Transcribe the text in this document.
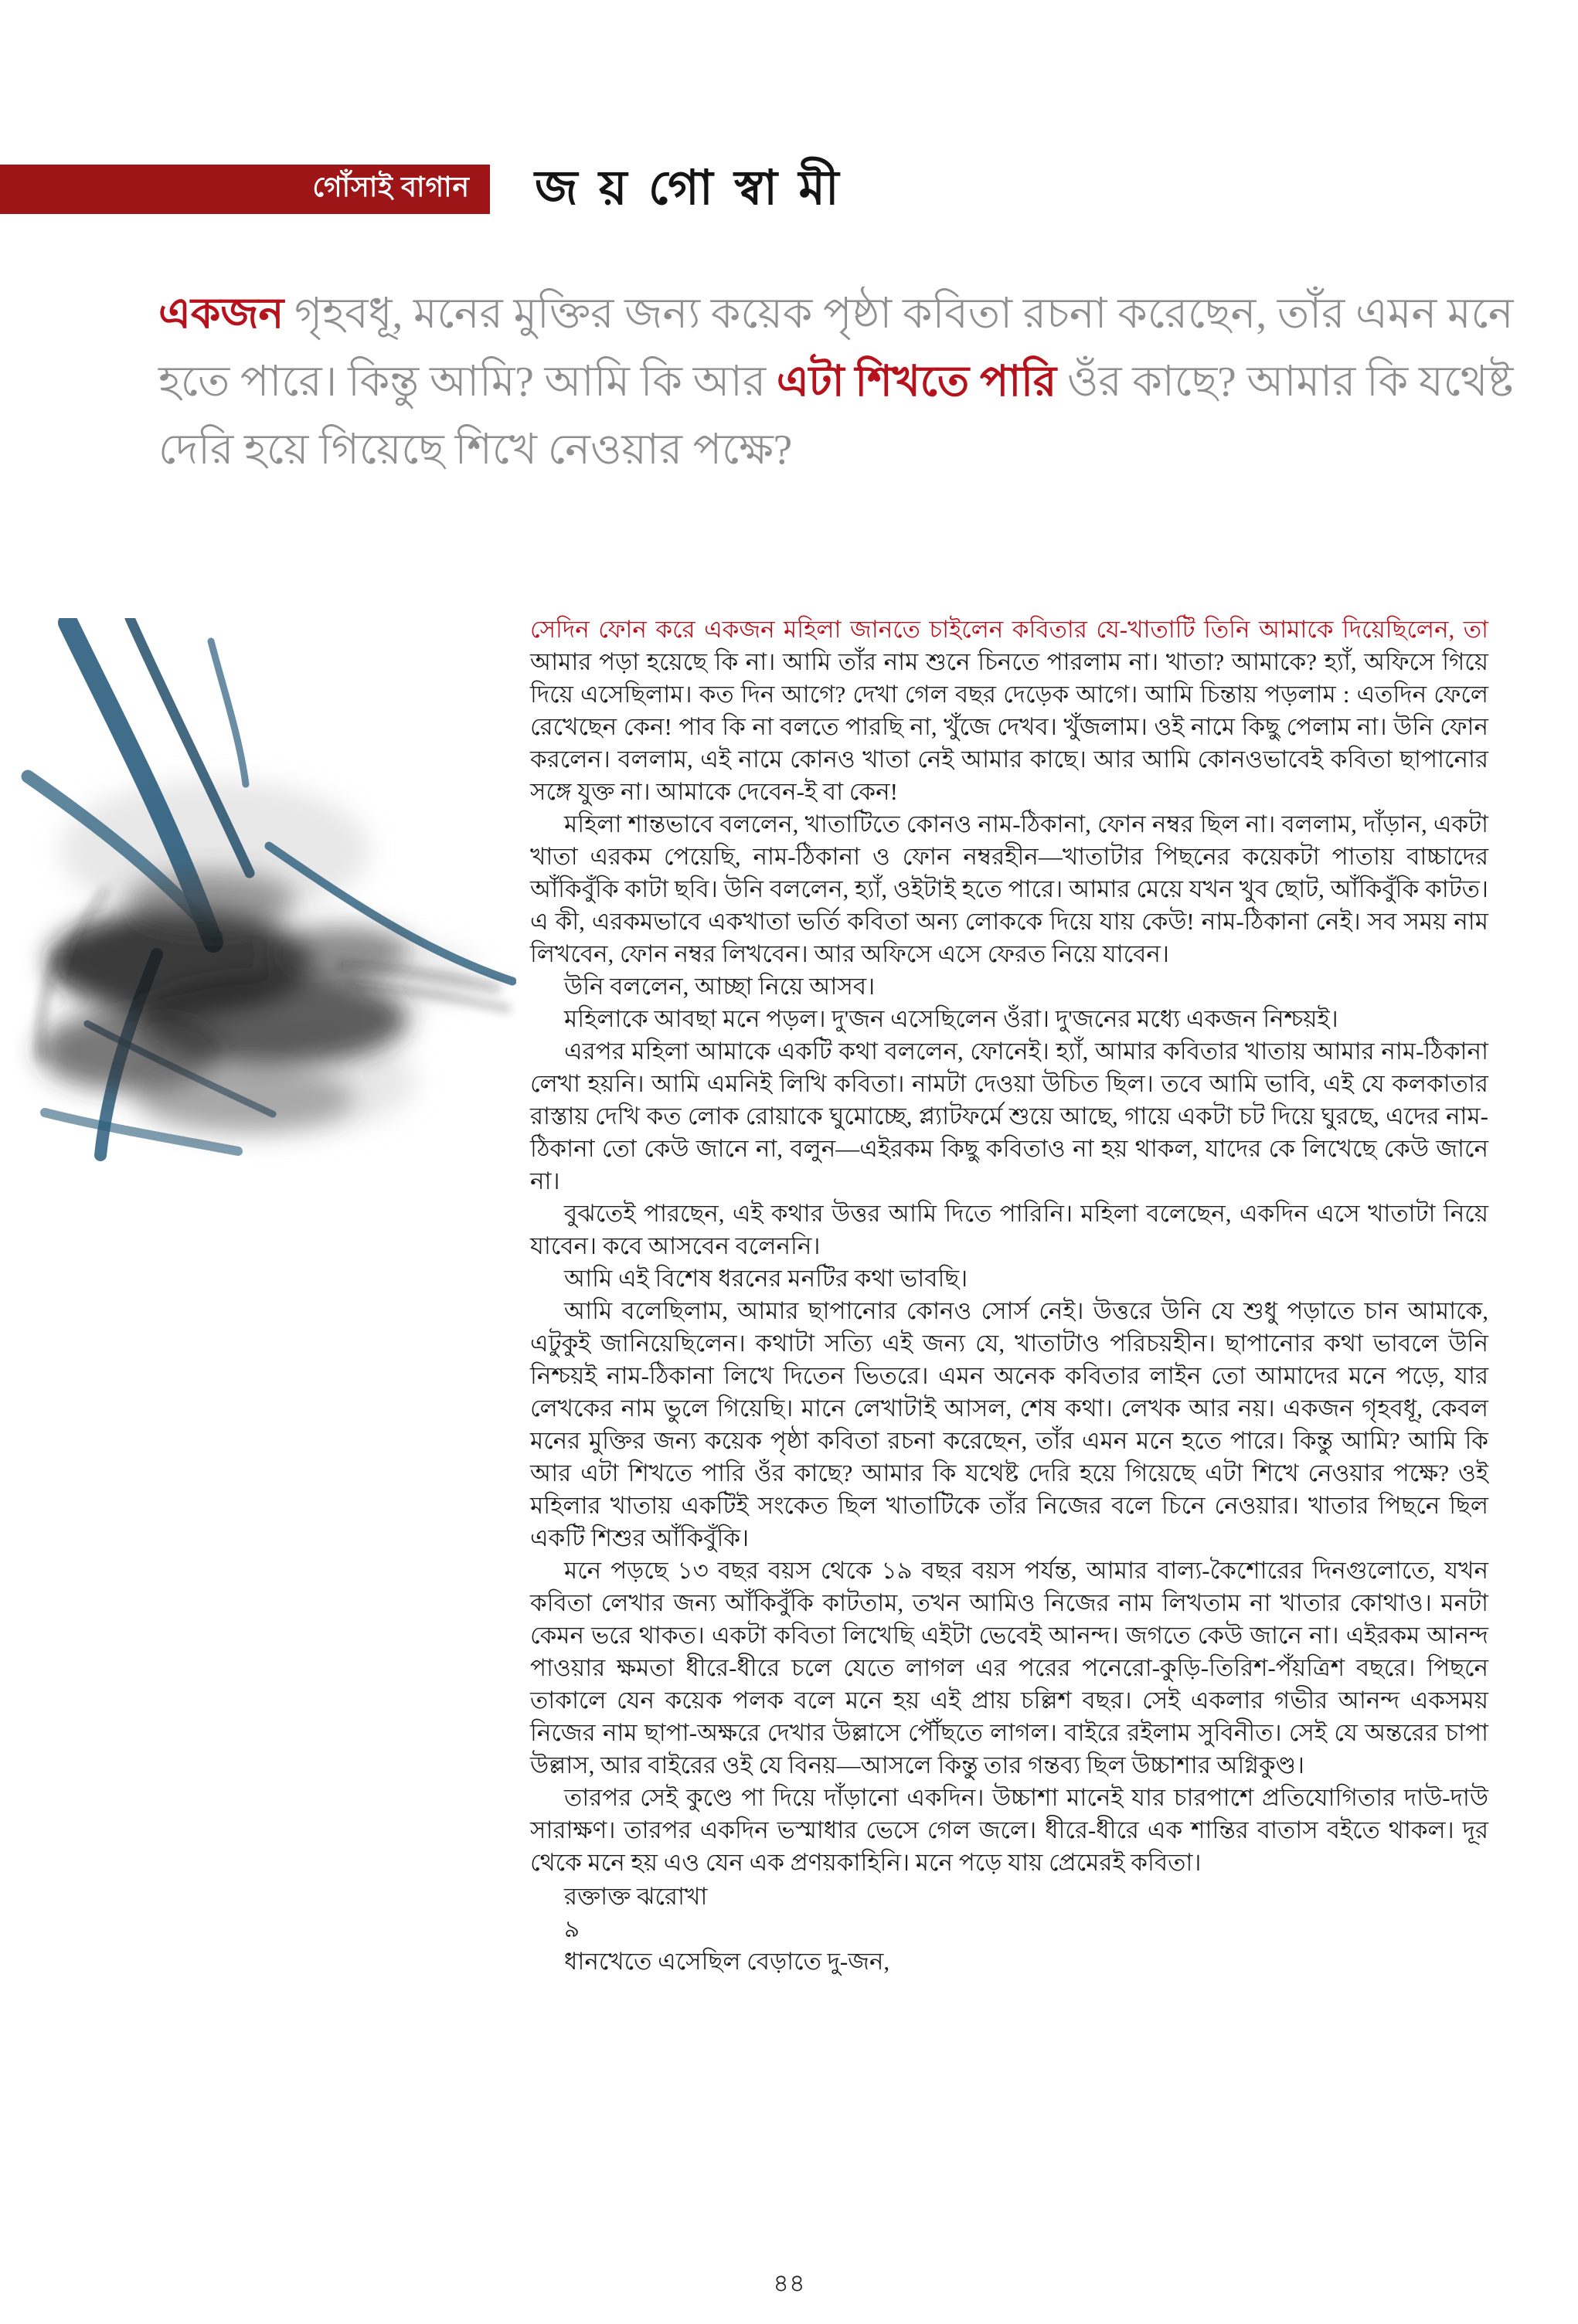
গোঁসাই বাগান জ য় গো স্বা মী
একজন গৃহবধূ, মনের মুক্তির জন্য কয়েক পৃষ্ঠা কবিতা রচনা করেছেন, তাঁর এমন মনে হতে পারে। কিন্তু আমি? আমি কি আর এটা শিখতে পারি ওঁর কাছে? আমার কি যথেষ্ট দেরি হয়ে গিয়েছে শিখে নেওয়ার পক্ষে?

সেদিন ফোন করে একজন মহিলা জানতে চাইলেন কবিতার যে-খাতাটি তিনি আমাকে দিয়েছিলেন, তা আমার পড়া হয়েছে কি না। আমি তাঁর নাম শুনে চিনতে পারলাম না। খাতা? আমাকে? হ্যাঁ, অফিসে গিয়ে দিয়ে এসেছিলাম। কত দিন আগে? দেখা গেল বছর দেড়েক আগে। আমি চিন্তায় পড়লাম : এতদিন ফেলে রেখেছেন কেন! পাব কি না বলতে পারছি না, খুঁজে দেখব। খুঁজলাম। ওই নামে কিছু পেলাম না। উনি ফোন করলেন। বললাম, এই নামে কোনও খাতা নেই আমার কাছে। আর আমি কোনওভাবেই কবিতা ছাপানোর সঙ্গে যুক্ত না। আমাকে দেবেন-ই বা কেন!

মহিলা শান্তভাবে বললেন, খাতাটিতে কোনও নাম-ঠিকানা, ফোন নম্বর ছিল না। বললাম, দাঁড়ান, একটা খাতা এরকম পেয়েছি, নাম-ঠিকানা ও ফোন নম্বরহীন—খাতাটার পিছনের কয়েকটা পাতায় বাচ্চাদের আঁকিবুঁকি কাটা ছবি। উনি বললেন, হ্যাঁ, ওইটাই হতে পারে। আমার মেয়ে যখন খুব ছোট, আঁকিবুঁকি কাটত। এ কী, এরকমভাবে একখাতা ভর্তি কবিতা অন্য লোককে দিয়ে যায় কেউ! নাম-ঠিকানা নেই। সব সময় নাম লিখবেন, ফোন নম্বর লিখবেন। আর অফিসে এসে ফেরত নিয়ে যাবেন।

উনি বললেন, আচ্ছা নিয়ে আসব।

মহিলাকে আবছা মনে পড়ল। দু'জন এসেছিলেন ওঁরা। দু'জনের মধ্যে একজন নিশ্চয়ই।

এরপর মহিলা আমাকে একটি কথা বললেন, ফোনেই। হ্যাঁ, আমার কবিতার খাতায় আমার নাম-ঠিকানা লেখা হয়নি। আমি এমনিই লিখি কবিতা। নামটা দেওয়া উচিত ছিল। তবে আমি ভাবি, এই যে কলকাতার রাস্তায় দেখি কত লোক রোয়াকে ঘুমোচ্ছে, প্ল্যাটফর্মে শুয়ে আছে, গায়ে একটা চট দিয়ে ঘুরছে, এদের নাম-ঠিকানা তো কেউ জানে না, বলুন—এইরকম কিছু কবিতাও না হয় থাকল, যাদের কে লিখেছে কেউ জানে না।

বুঝতেই পারছেন, এই কথার উত্তর আমি দিতে পারিনি। মহিলা বলেছেন, একদিন এসে খাতাটা নিয়ে যাবেন। কবে আসবেন বলেননি।

আমি এই বিশেষ ধরনের মনটির কথা ভাবছি।

আমি বলেছিলাম, আমার ছাপানোর কোনও সোর্স নেই। উত্তরে উনি যে শুধু পড়াতে চান আমাকে, এটুকুই জানিয়েছিলেন। কথাটা সত্যি এই জন্য যে, খাতাটাও পরিচয়হীন। ছাপানোর কথা ভাবলে উনি নিশ্চয়ই নাম-ঠিকানা লিখে দিতেন ভিতরে। এমন অনেক কবিতার লাইন তো আমাদের মনে পড়ে, যার লেখকের নাম ভুলে গিয়েছি। মানে লেখাটাই আসল, শেষ কথা। লেখক আর নয়। একজন গৃহবধূ, কেবল মনের মুক্তির জন্য কয়েক পৃষ্ঠা কবিতা রচনা করেছেন, তাঁর এমন মনে হতে পারে। কিন্তু আমি? আমি কি আর এটা শিখতে পারি ওঁর কাছে? আমার কি যথেষ্ট দেরি হয়ে গিয়েছে এটা শিখে নেওয়ার পক্ষে? ওই মহিলার খাতায় একটিই সংকেত ছিল খাতাটিকে তাঁর নিজের বলে চিনে নেওয়ার। খাতার পিছনে ছিল একটি শিশুর আঁকিবুঁকি।

মনে পড়ছে ১৩ বছর বয়স থেকে ১৯ বছর বয়স পর্যন্ত, আমার বাল্য-কৈশোরের দিনগুলোতে, যখন কবিতা লেখার জন্য আঁকিবুঁকি কাটতাম, তখন আমিও নিজের নাম লিখতাম না খাতার কোথাও। মনটা কেমন ভরে থাকত। একটা কবিতা লিখেছি এইটা ভেবেই আনন্দ। জগতে কেউ জানে না। এইরকম আনন্দ পাওয়ার ক্ষমতা ধীরে-ধীরে চলে যেতে লাগল এর পরের পনেরো-কুড়ি-তিরিশ-পঁয়ত্রিশ বছরে। পিছনে তাকালে যেন কয়েক পলক বলে মনে হয় এই প্রায় চল্লিশ বছর। সেই একলার গভীর আনন্দ একসময় নিজের নাম ছাপা-অক্ষরে দেখার উল্লাসে পৌঁছতে লাগল। বাইরে রইলাম সুবিনীত। সেই যে অন্তরের চাপা উল্লাস, আর বাইরের ওই যে বিনয়—আসলে কিন্তু তার গন্তব্য ছিল উচ্চাশার অগ্নিকুণ্ড।

তারপর সেই কুণ্ডে পা দিয়ে দাঁড়ানো একদিন। উচ্চাশা মানেই যার চারপাশে প্রতিযোগিতার দাউ-দাউ সারাক্ষণ। তারপর একদিন ভস্মাধার ভেসে গেল জলে। ধীরে-ধীরে এক শান্তির বাতাস বইতে থাকল। দূর থেকে মনে হয় এও যেন এক প্রণয়কাহিনি। মনে পড়ে যায় প্রেমেরই কবিতা।

রক্তাক্ত ঝরোখা
৯
ধানখেতে এসেছিল বেড়াতে দু-জন,
৪৪
